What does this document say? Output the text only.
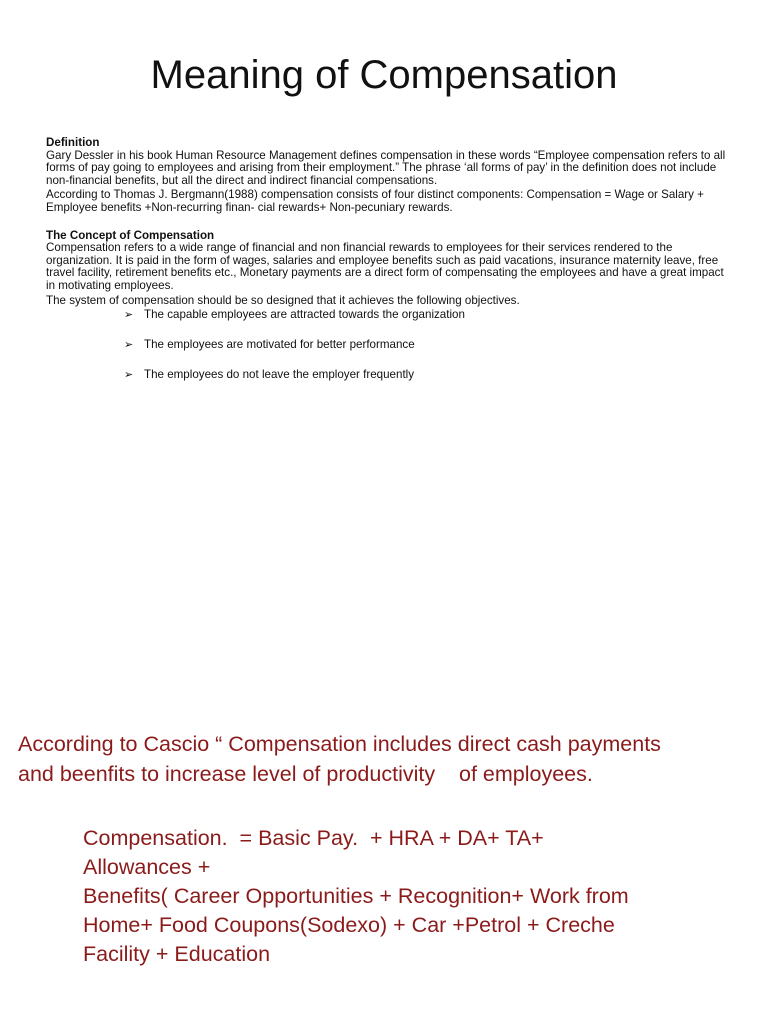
Meaning of Compensation
Definition

Gary Dessler in his book Human Resource Management defines compensation in these words “Employee compensation refers to all forms of pay going to employees and arising from their employment.” The phrase ‘all forms of pay’ in the definition does not include non-financial benefits, but all the direct and indirect financial compensations.

According to Thomas J. Bergmann(1988) compensation consists of four distinct components: Compensation = Wage or Salary + Employee benefits +Non-recurring finan- cial rewards+ Non-pecuniary rewards.

The Concept of Compensation

Compensation refers to a wide range of financial and non financial rewards to employees for their services rendered to the organization. It is paid in the form of wages, salaries and employee benefits such as paid vacations, insurance maternity leave, free travel facility, retirement benefits etc., Monetary payments are a direct form of compensating the employees and have a great impact in motivating employees.

The system of compensation should be so designed that it achieves the following objectives.

➢ The capable employees are attracted towards the organization
➢ The employees are motivated for better performance
➢ The employees do not leave the employer frequently
According to Cascio “ Compensation includes direct cash payments
and beenfits to increase level of productivity    of employees.
Compensation.  = Basic Pay.  + HRA + DA+ TA+
Allowances +
Benefits( Career Opportunities + Recognition+ Work from
Home+ Food Coupons(Sodexo) + Car +Petrol + Creche
Facility + Education
